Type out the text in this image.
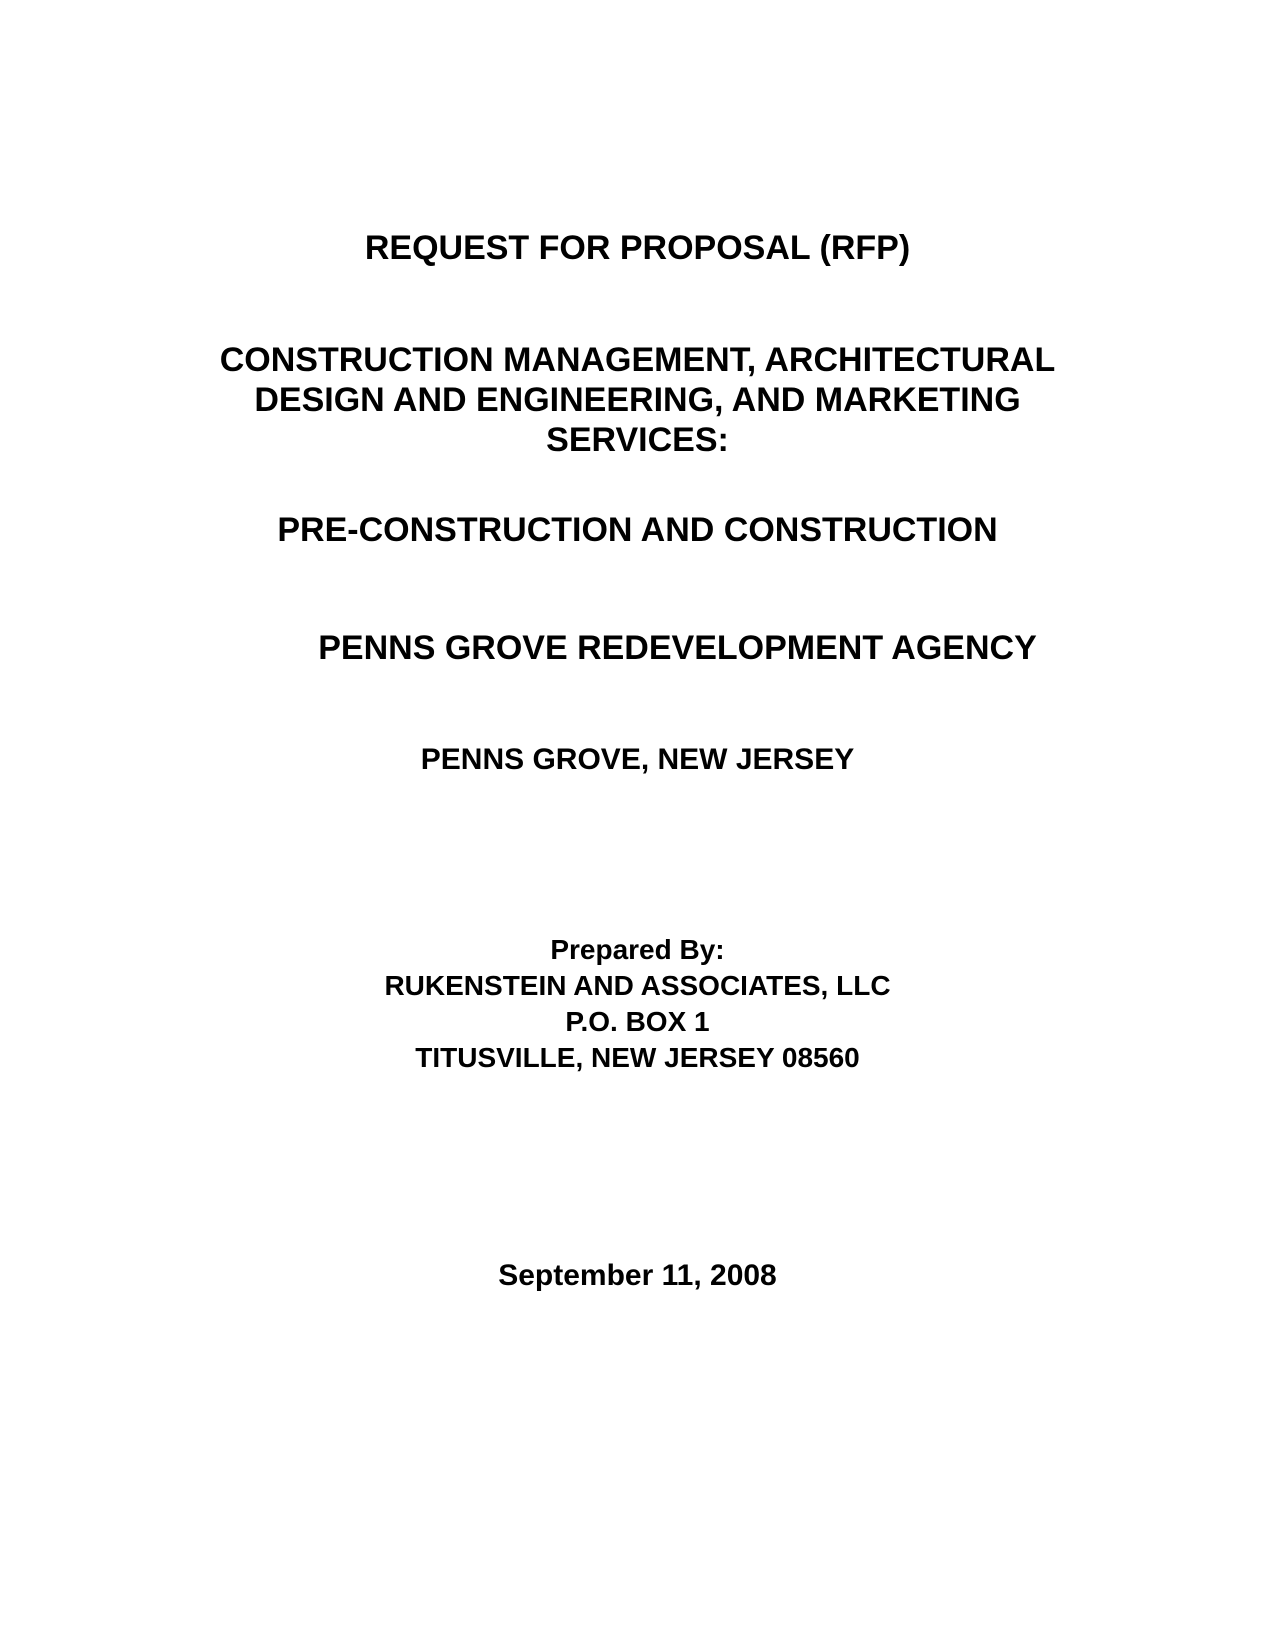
REQUEST FOR PROPOSAL (RFP)
CONSTRUCTION MANAGEMENT, ARCHITECTURAL
DESIGN AND ENGINEERING, AND MARKETING
SERVICES:
PRE-CONSTRUCTION AND CONSTRUCTION
PENNS GROVE REDEVELOPMENT AGENCY
PENNS GROVE, NEW JERSEY
Prepared By:
RUKENSTEIN AND ASSOCIATES, LLC
P.O. BOX 1
TITUSVILLE, NEW JERSEY 08560
September 11, 2008
